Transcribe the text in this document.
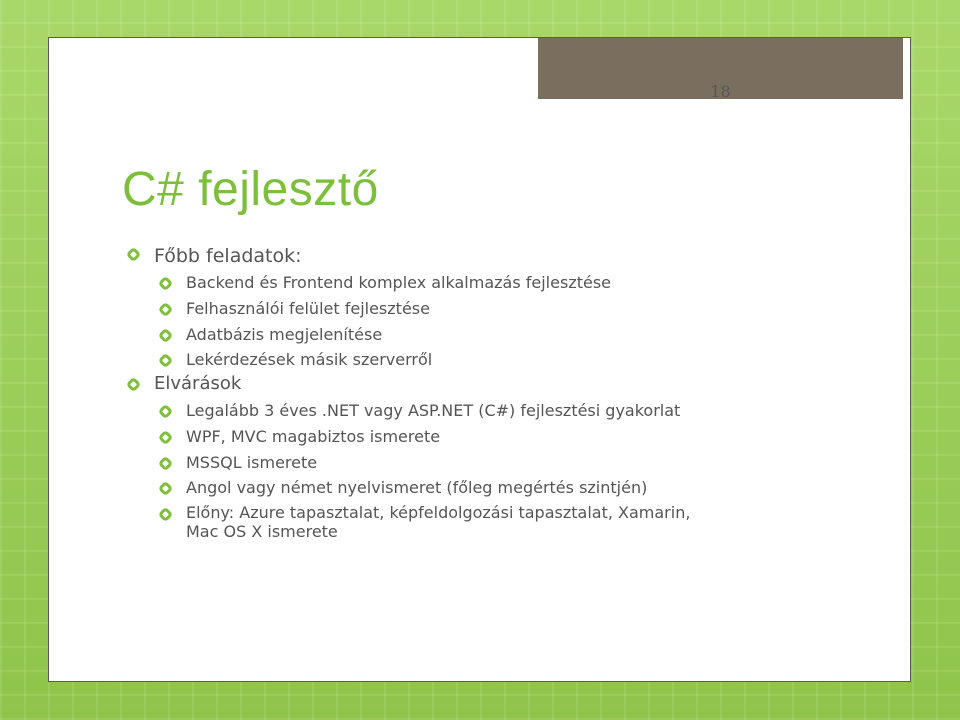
18
C# fejlesztő
Főbb feladatok:
Backend és Frontend komplex alkalmazás fejlesztése
Felhasználói felület fejlesztése
Adatbázis megjelenítése
Lekérdezések másik szerverről
Elvárások
Legalább 3 éves .NET vagy ASP.NET (C#) fejlesztési gyakorlat
WPF, MVC magabiztos ismerete
MSSQL ismerete
Angol vagy német nyelvismeret (főleg megértés szintjén)
Előny: Azure tapasztalat, képfeldolgozási tapasztalat, Xamarin,
Mac OS X ismerete
